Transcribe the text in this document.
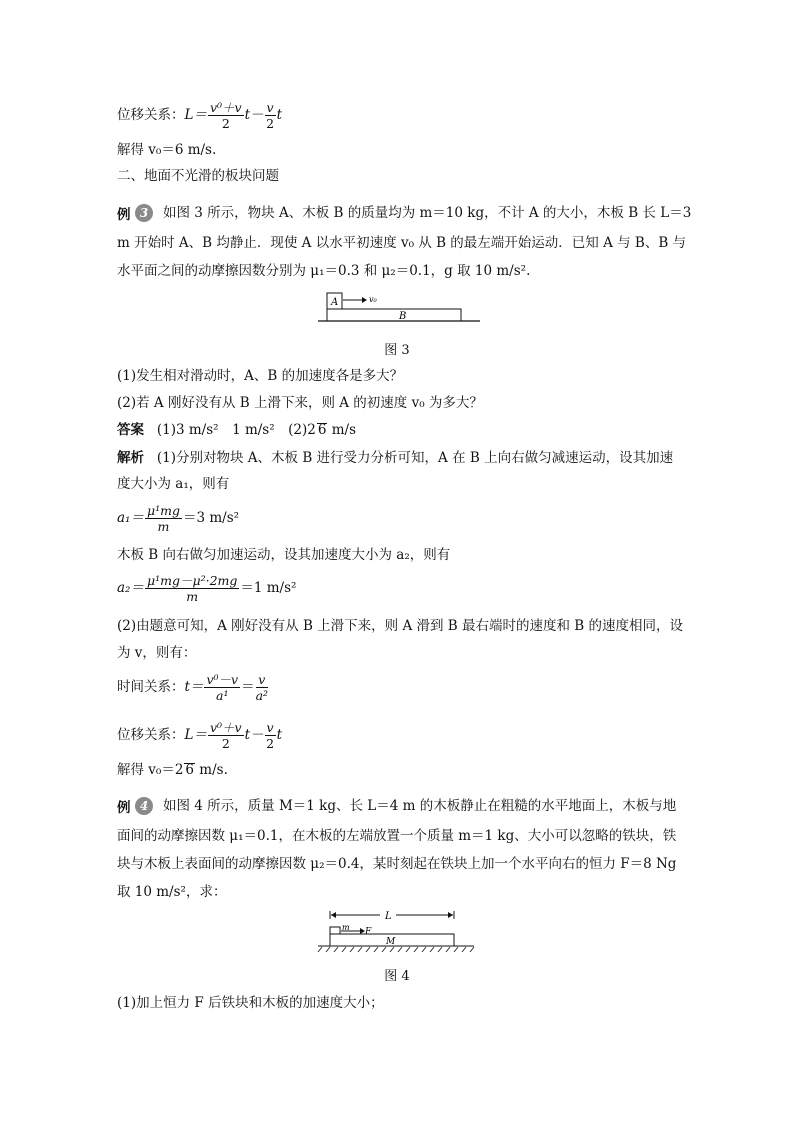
位移关系：$L= \frac{\text{v⁰＋v}}{2} t- \frac{v}{2}$ t
解得 v₀＝6 m/s.
二、地面不光滑的板块问题
例 3	如图 3 所示，物块 A、木板 B 的质量均为 m＝10 kg，不计 A 的大小，木板 B 长 L＝3
m 开始时 A、B 均静止．现使 A 以水平初速度 v₀ 从 B 的最左端开始运动．已知 A 与 B、B 与
水平面之间的动摩擦因数分别为 μ₁＝0.3 和 μ₂＝0.1，g 取 10 m/s².
A	v₀
B
图 3
(1)发生相对滑动时，A、B 的加速度各是多大？
(2)若 A 刚好没有从 B 上滑下来，则 A 的初速度 v₀ 为多大？
答案 (1)3 m/s²　1 m/s²　(2)2 6 m/s
解析 (1)分别对物块 A、木板 B 进行受力分析可知，A 在 B 上向右做匀减速运动，设其加速
度大小为 a₁，则有
$a_1= \frac{\text{μ¹mg}}{m} =3$ m/s²
木板 B 向右做匀加速运动，设其加速度大小为 a₂，则有
$a_2= \frac{\text{μ¹mg－μ²·2mg}}{m} =1$ m/s²
(2)由题意可知，A 刚好没有从 B 上滑下来，则 A 滑到 B 最右端时的速度和 B 的速度相同，设
为 v，则有：
时间关系：$t= \frac{\text{v⁰－v}}{\text{a¹}} = \frac{v}{\text{a²}}$
位移关系：$L= \frac{\text{v⁰＋v}}{2} t- \frac{v}{2}$ t
解得 v₀＝2 6 m/s.
例 4	如图 4 所示，质量 M＝1 kg、长 L＝4 m 的木板静止在粗糙的水平地面上，木板与地
面间的动摩擦因数 μ₁＝0.1，在木板的左端放置一个质量 m＝1 kg、大小可以忽略的铁块，铁
块与木板上表面间的动摩擦因数 μ₂＝0.4，某时刻起在铁块上加一个水平向右的恒力 F＝8 Ng
取 10 m/s²，求：
L
m F
M
图 4
(1)加上恒力 F 后铁块和木板的加速度大小；
